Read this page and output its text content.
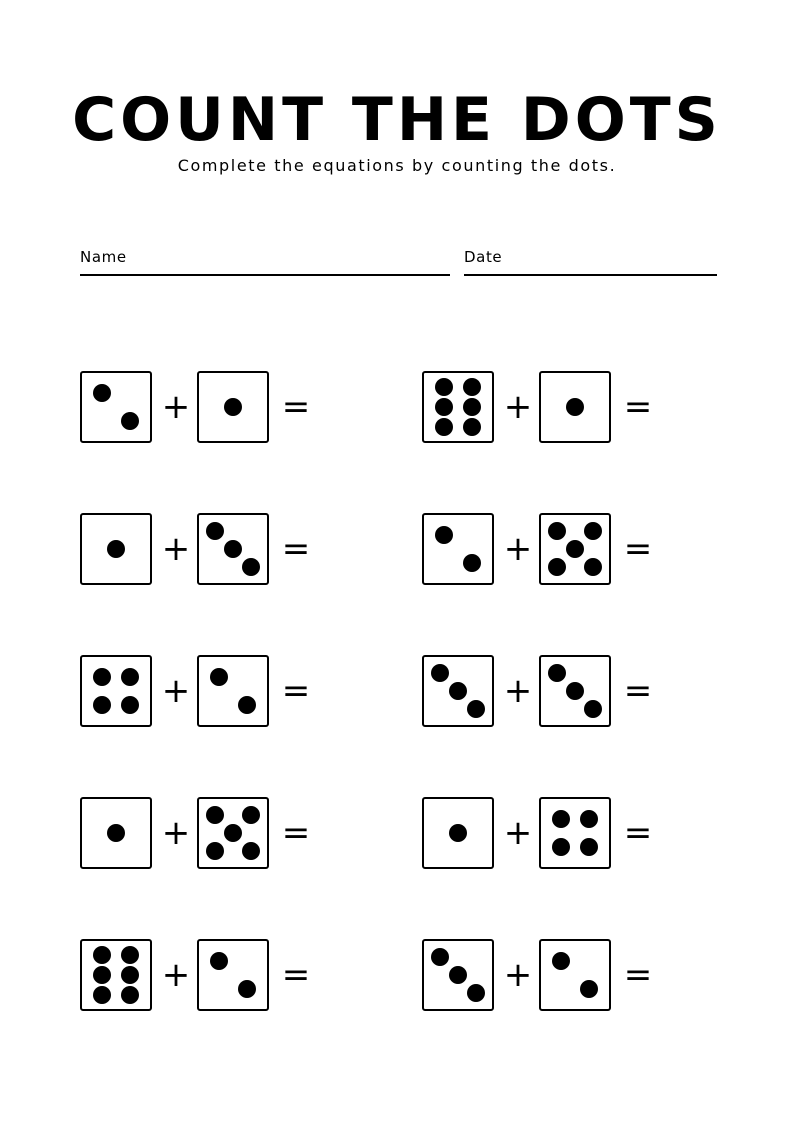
COUNT THE DOTS

Complete the equations by counting the dots.

Name	Date
+	=	+	=
+	=	+	=
+	=	+	=
+	=	+	=
+	=	+	=
